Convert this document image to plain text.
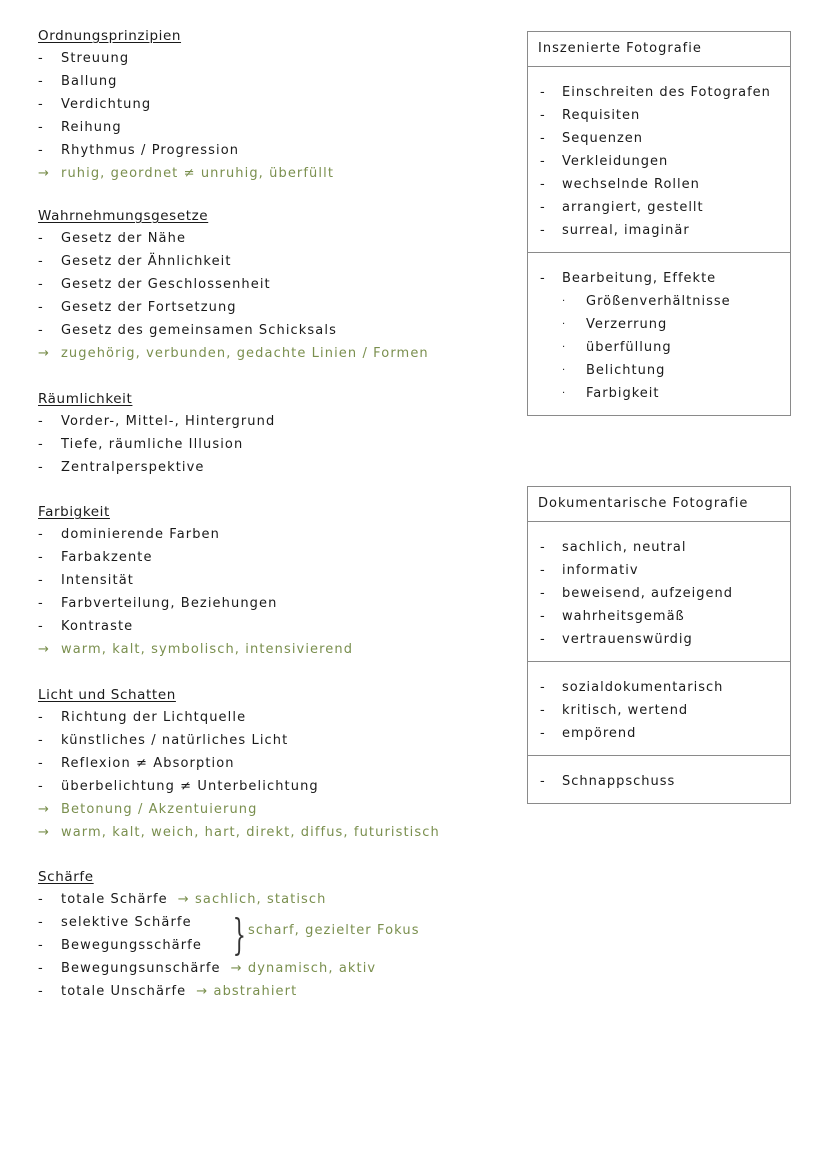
Ordnungsprinzipien
-	Streuung
-	Ballung
-	Verdichtung
-	Reihung
-	Rhythmus / Progression
→ ruhig, geordnet ≠ unruhig, überfüllt
Wahrnehmungsgesetze
-	Gesetz der Nähe
-	Gesetz der Ähnlichkeit
-	Gesetz der Geschlossenheit
-	Gesetz der Fortsetzung
-	Gesetz des gemeinsamen Schicksals
→ zugehörig, verbunden, gedachte Linien / Formen
Räumlichkeit
-	Vorder-, Mittel-, Hintergrund
-	Tiefe, räumliche Illusion
-	Zentralperspektive
Farbigkeit
-	dominierende Farben
-	Farbakzente
-	Intensität
-	Farbverteilung, Beziehungen
-	Kontraste
→ warm, kalt, symbolisch, intensivierend
Licht und Schatten
-	Richtung der Lichtquelle
-	künstliches / natürliches Licht
-	Reflexion ≠ Absorption
-	überbelichtung ≠ Unterbelichtung
→ Betonung / Akzentuierung
→ warm, kalt, weich, hart, direkt, diffus, futuristisch
Schärfe
-	totale Schärfe → sachlich, statisch
-	selektive Schärfe
-	Bewegungsschärfe } scharf, gezielter Fokus
-	Bewegungsunschärfe → dynamisch, aktiv
-	totale Unschärfe → abstrahiert
Inszenierte Fotografie
- Einschreiten des Fotografen
- Requisiten
- Sequenzen
- Verkleidungen
- wechselnde Rollen
- arrangiert, gestellt
- surreal, imaginär
- Bearbeitung, Effekte
· Größenverhältnisse
· Verzerrung
· überfüllung
· Belichtung
· Farbigkeit
Dokumentarische Fotografie
- sachlich, neutral
- informativ
- beweisend, aufzeigend
- wahrheitsgemäß
- vertrauenswürdig
- sozialdokumentarisch
- kritisch, wertend
- empörend
- Schnappschuss
